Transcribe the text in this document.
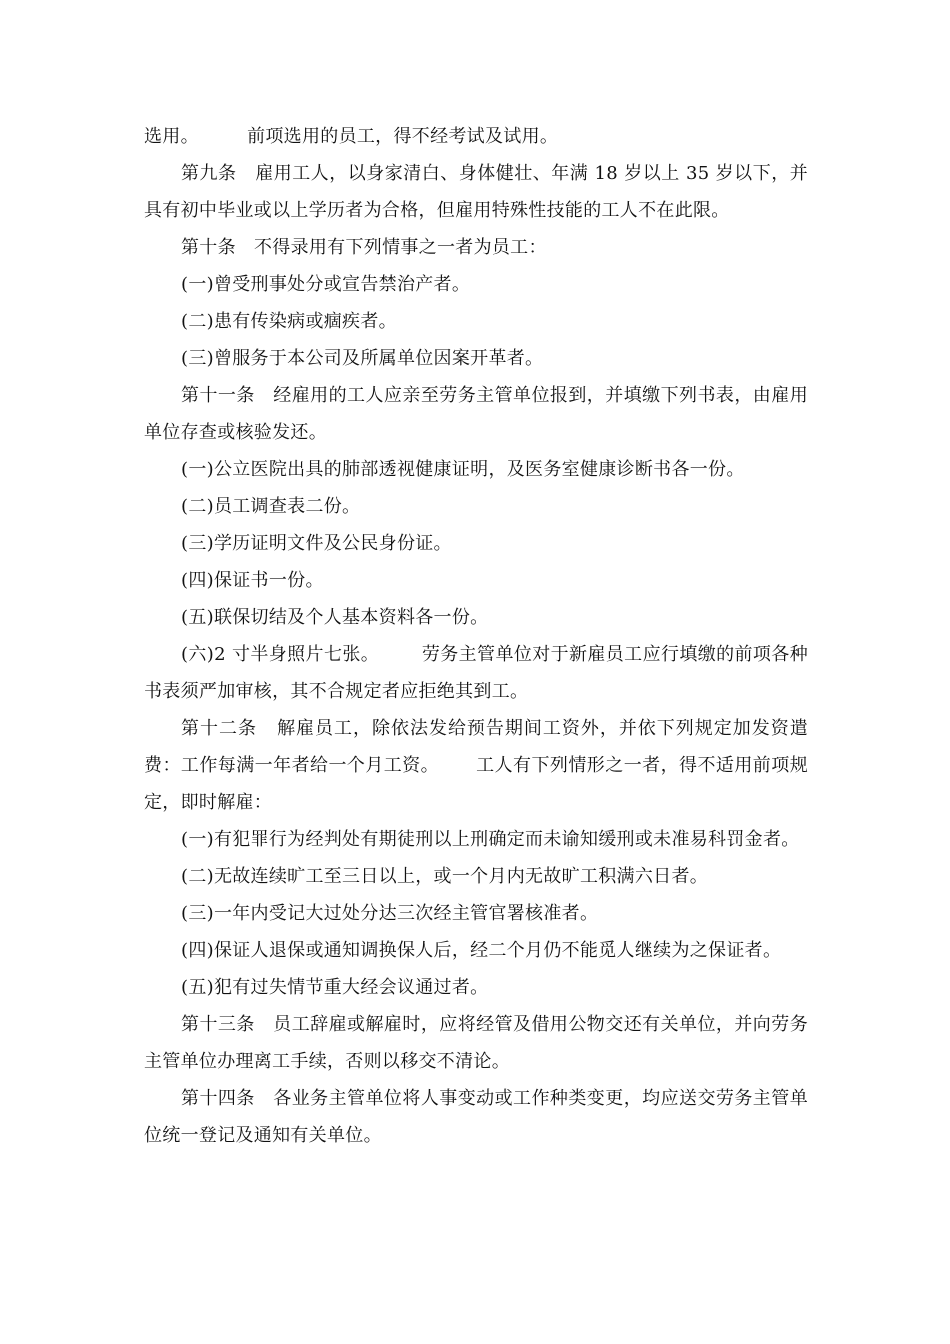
选用。        前项选用的员工，得不经考试及试用。

第九条   雇用工人，以身家清白、身体健壮、年满 18 岁以上 35 岁以下，并具有初中毕业或以上学历者为合格，但雇用特殊性技能的工人不在此限。

第十条   不得录用有下列情事之一者为员工：

(一)曾受刑事处分或宣告禁治产者。

(二)患有传染病或痼疾者。

(三)曾服务于本公司及所属单位因案开革者。

第十一条   经雇用的工人应亲至劳务主管单位报到，并填缴下列书表，由雇用单位存查或核验发还。

(一)公立医院出具的肺部透视健康证明，及医务室健康诊断书各一份。

(二)员工调查表二份。

(三)学历证明文件及公民身份证。

(四)保证书一份。

(五)联保切结及个人基本资料各一份。

(六)2 寸半身照片七张。       劳务主管单位对于新雇员工应行填缴的前项各种书表须严加审核，其不合规定者应拒绝其到工。

第十二条   解雇员工，除依法发给预告期间工资外，并依下列规定加发资遣费：工作每满一年者给一个月工资。      工人有下列情形之一者，得不适用前项规定，即时解雇：

(一)有犯罪行为经判处有期徒刑以上刑确定而未谕知缓刑或未准易科罚金者。

(二)无故连续旷工至三日以上，或一个月内无故旷工积满六日者。

(三)一年内受记大过处分达三次经主管官署核准者。

(四)保证人退保或通知调换保人后，经二个月仍不能觅人继续为之保证者。

(五)犯有过失情节重大经会议通过者。

第十三条   员工辞雇或解雇时，应将经管及借用公物交还有关单位，并向劳务主管单位办理离工手续，否则以移交不清论。

第十四条   各业务主管单位将人事变动或工作种类变更，均应送交劳务主管单位统一登记及通知有关单位。
